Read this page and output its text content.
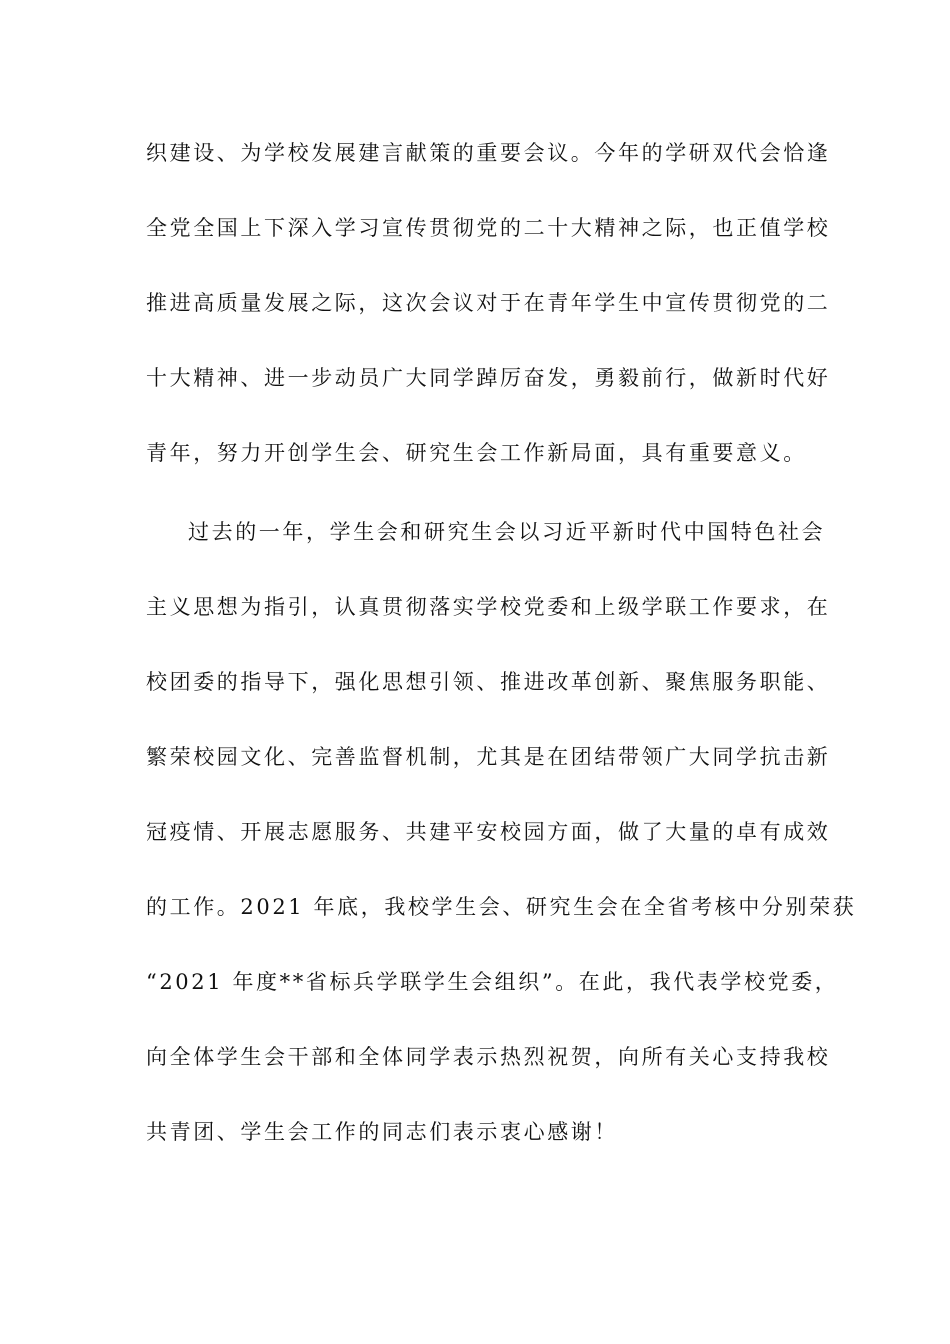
织建设、为学校发展建言献策的重要会议。今年的学研双代会恰逢
全党全国上下深入学习宣传贯彻党的二十大精神之际，也正值学校
推进高质量发展之际，这次会议对于在青年学生中宣传贯彻党的二
十大精神、进一步动员广大同学踔厉奋发，勇毅前行，做新时代好
青年，努力开创学生会、研究生会工作新局面，具有重要意义。
过去的一年，学生会和研究生会以习近平新时代中国特色社会
主义思想为指引，认真贯彻落实学校党委和上级学联工作要求，在
校团委的指导下，强化思想引领、推进改革创新、聚焦服务职能、
繁荣校园文化、完善监督机制，尤其是在团结带领广大同学抗击新
冠疫情、开展志愿服务、共建平安校园方面，做了大量的卓有成效
的工作。2021 年底，我校学生会、研究生会在全省考核中分别荣获
“2021 年度**省标兵学联学生会组织”。在此，我代表学校党委，
向全体学生会干部和全体同学表示热烈祝贺，向所有关心支持我校
共青团、学生会工作的同志们表示衷心感谢！
